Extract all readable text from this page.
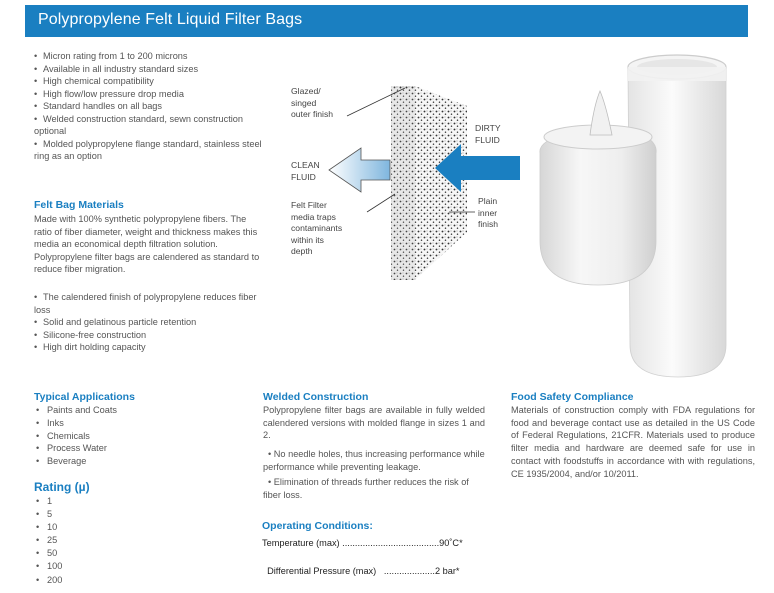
Polypropylene Felt Liquid Filter Bags
• Micron rating from 1 to 200 microns
• Available in all industry standard sizes
• High chemical compatibility
• High flow/low pressure drop media
• Standard handles on all bags
• Welded construction standard, sewn construction optional
• Molded polypropylene flange standard, stainless steel ring as an option
Felt Bag Materials
Made with 100% synthetic polypropylene fibers. The ratio of fiber diameter, weight and thickness makes this media an economical depth filtration solution. Polypropylene filter bags are calendered as standard to reduce fiber migration.
• The calendered finish of polypropylene reduces fiber loss
• Solid and gelatinous particle retention
• Silicone-free construction
• High dirt holding capacity
Glazed/
singed
outer finish
CLEAN
FLUID
DIRTY
FLUID
Felt Filter
media traps
contaminants
within its
depth
Plain
inner
finish
Typical Applications
• Paints and Coats
• Inks
• Chemicals
• Process Water
• Beverage
Rating (µ)
• 1
• 5
• 10
• 25
• 50
• 100
• 200
Welded Construction
Polypropylene filter bags are available in fully welded calendered versions with molded flange in sizes 1 and 2.
• No needle holes, thus increasing performance while performance while preventing leakage.
• Elimination of threads further reduces the risk of fiber loss.
Operating Conditions:
Temperature (max) ......................................90˚C*

Differential Pressure (max)   ....................2 bar*

Food Safety Compliance
Materials of construction comply with FDA regulations for food and beverage contact use as detailed in the US Code of Federal Regulations, 21CFR. Materials used to produce filter media and hardware are deemed safe for use in contact with foodstuffs in accordance with with regulations, CE 1935/2004, and/or 10/2011.
